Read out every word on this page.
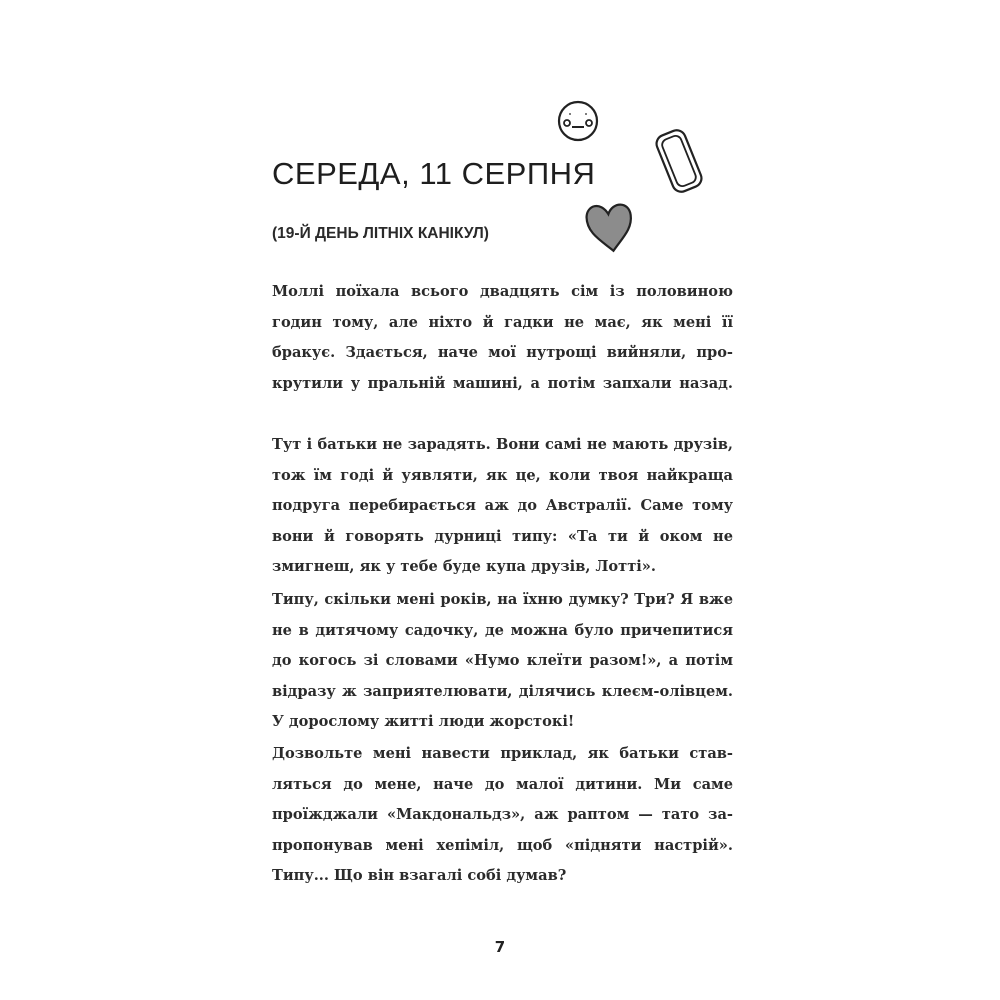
СЕРЕДА, 11 СЕРПНЯ
(19-Й ДЕНЬ ЛІТНІХ КАНІКУЛ)
Моллі поїхала всього двадцять сім із половиною
годин тому, але ніхто й гадки не має, як мені її
бракує. Здається, наче мої нутрощі вийняли, про-
крутили у пральній машині, а потім запхали назад.
Тут і батьки не зарадять. Вони самі не мають друзів,
тож їм годі й уявляти, як це, коли твоя найкраща
подруга перебирається аж до Австралії. Саме тому
вони й говорять дурниці типу: «Та ти й оком не
змигнеш, як у тебе буде купа друзів, Лотті».
Типу, скільки мені років, на їхню думку? Три? Я вже
не в дитячому садочку, де можна було причепитися
до когось зі словами «Нумо клеїти разом!», а потім
відразу ж заприятелювати, ділячись клеєм-олівцем.
У дорослому житті люди жорстокі!
Дозвольте мені навести приклад, як батьки став-
ляться до мене, наче до малої дитини. Ми саме
проїжджали «Макдональдз», аж раптом — тато за-
пропонував мені хепіміл, щоб «підняти настрій».
Типу... Що він взагалі собі думав?
7
